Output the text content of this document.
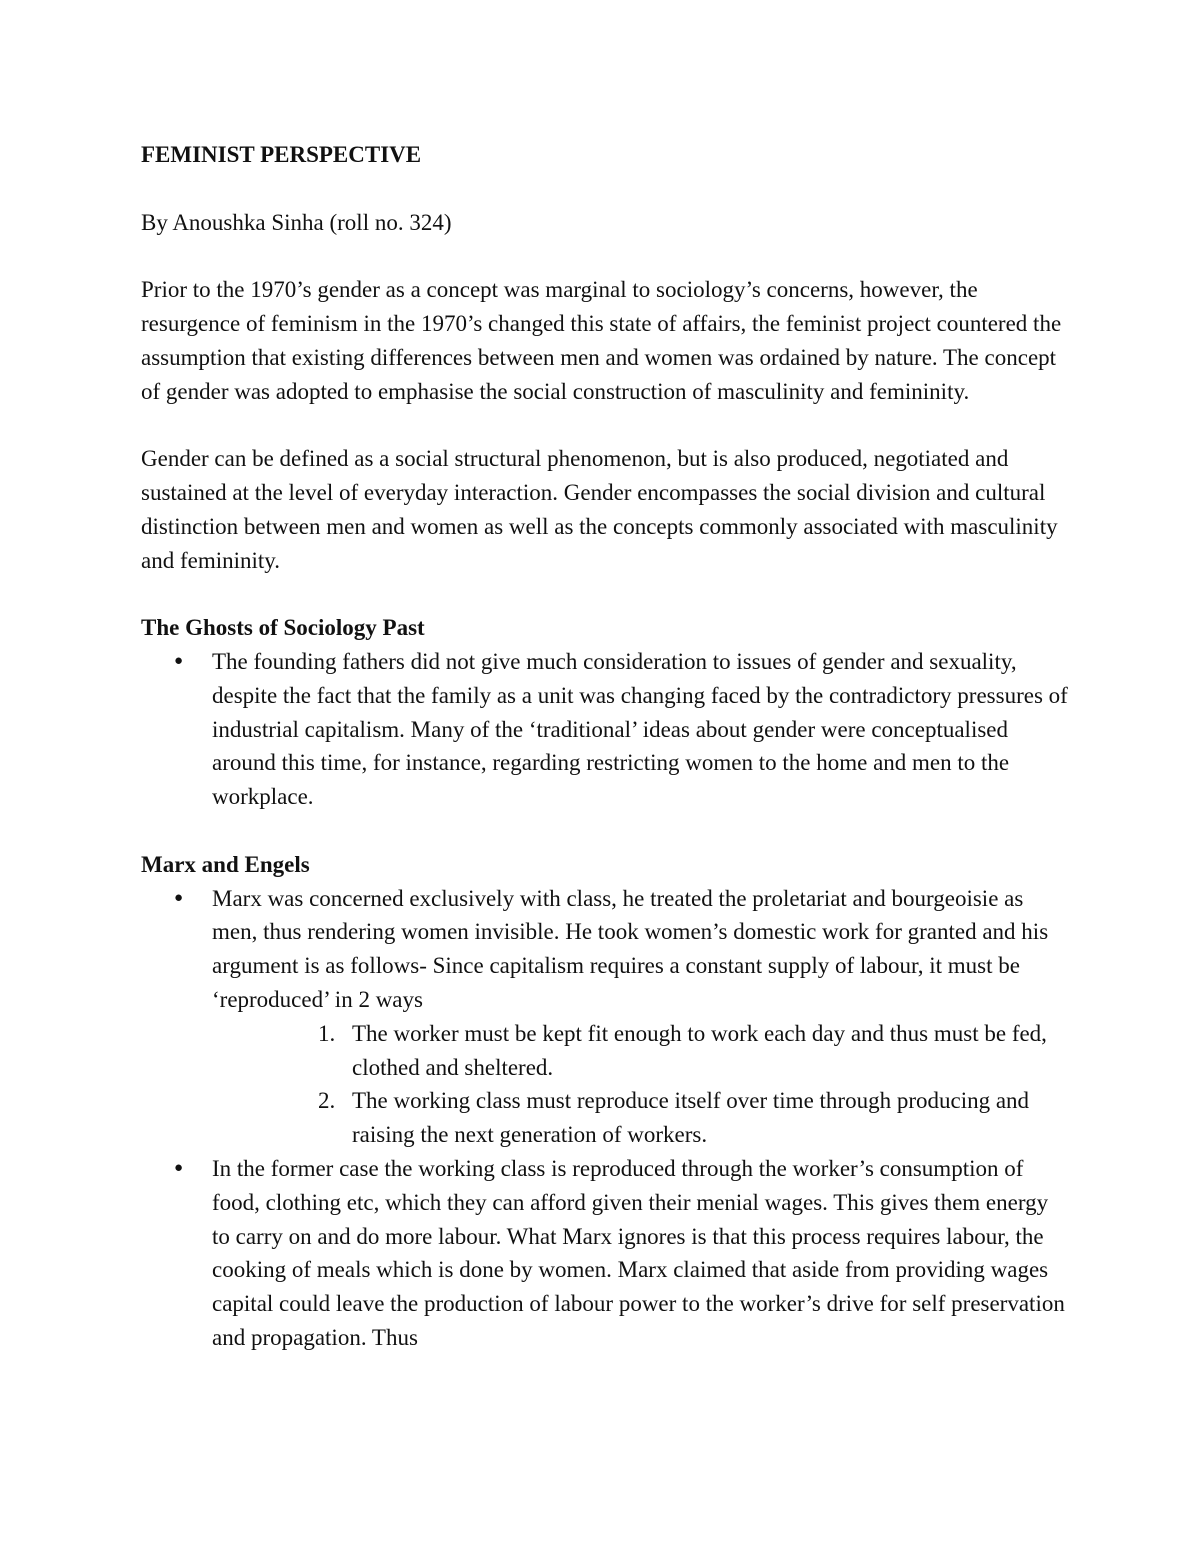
FEMINIST PERSPECTIVE

By Anoushka Sinha (roll no. 324)

Prior to the 1970’s gender as a concept was marginal to sociology’s concerns, however, the resurgence of feminism in the 1970’s changed this state of affairs, the feminist project countered the assumption that existing differences between men and women was ordained by nature. The concept of gender was adopted to emphasise the social construction of masculinity and femininity.

Gender can be defined as a social structural phenomenon, but is also produced, negotiated and sustained at the level of everyday interaction. Gender encompasses the social division and cultural distinction between men and women as well as the concepts commonly associated with masculinity and femininity.

The Ghosts of Sociology Past
● The founding fathers did not give much consideration to issues of gender and sexuality, despite the fact that the family as a unit was changing faced by the contradictory pressures of industrial capitalism. Many of the ‘traditional’ ideas about gender were conceptualised around this time, for instance, regarding restricting women to the home and men to the workplace.
Marx and Engels
● Marx was concerned exclusively with class, he treated the proletariat and bourgeoisie as men, thus rendering women invisible. He took women’s domestic work for granted and his argument is as follows- Since capitalism requires a constant supply of labour, it must be ‘reproduced’ in 2 ways
1. The worker must be kept fit enough to work each day and thus must be fed, clothed and sheltered.
2. The working class must reproduce itself over time through producing and raising the next generation of workers.
● In the former case the working class is reproduced through the worker’s consumption of food, clothing etc, which they can afford given their menial wages. This gives them energy to carry on and do more labour. What Marx ignores is that this process requires labour, the cooking of meals which is done by women. Marx claimed that aside from providing wages capital could leave the production of labour power to the worker’s drive for self preservation and propagation. Thus
